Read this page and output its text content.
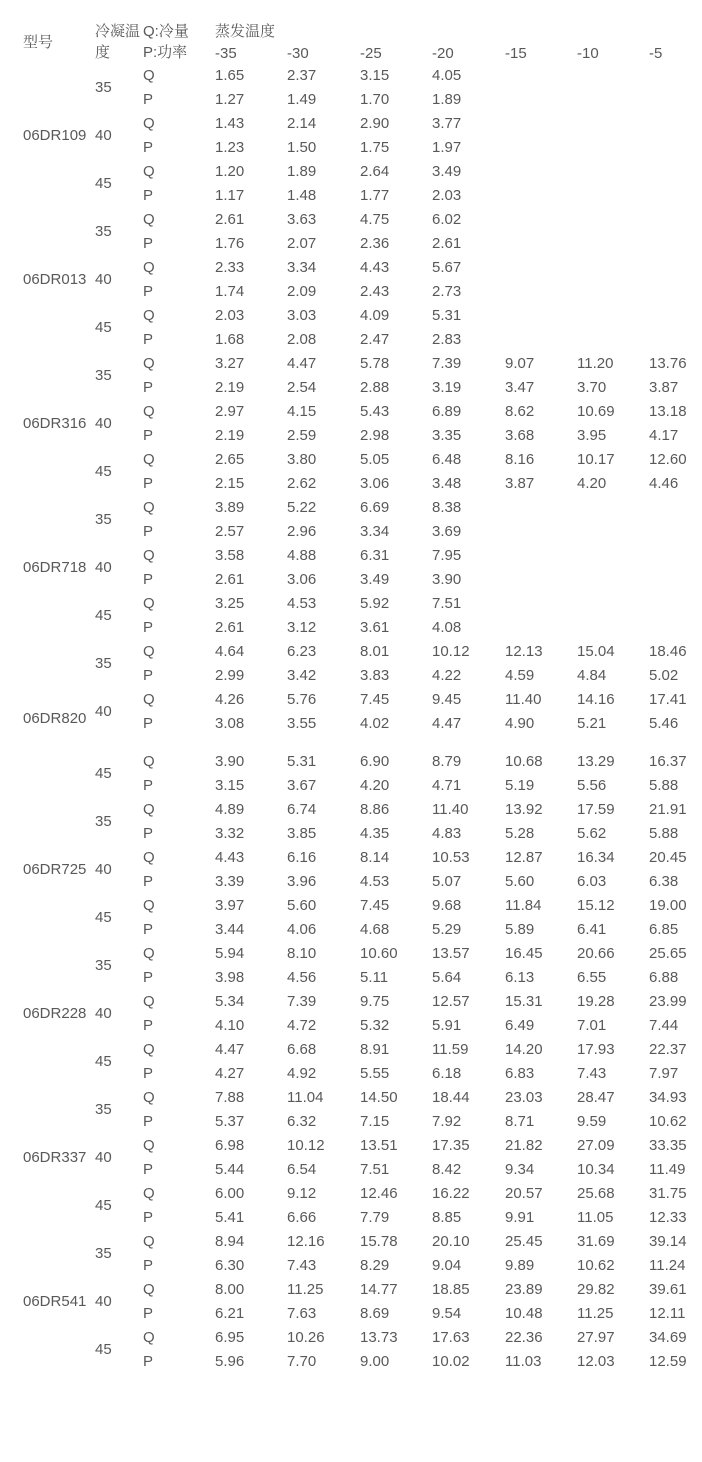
型号	冷凝温度	Q:冷量
P:功率	蒸发温度						
			-35	-30	-25	-20	-15	-10	-5
06DR109	35	Q	1.65	2.37	3.15	4.05			
		P	1.27	1.49	1.70	1.89			
	40	Q	1.43	2.14	2.90	3.77			
		P	1.23	1.50	1.75	1.97			
	45	Q	1.20	1.89	2.64	3.49			
		P	1.17	1.48	1.77	2.03			
06DR013	35	Q	2.61	3.63	4.75	6.02			
		P	1.76	2.07	2.36	2.61			
	40	Q	2.33	3.34	4.43	5.67			
		P	1.74	2.09	2.43	2.73			
	45	Q	2.03	3.03	4.09	5.31			
		P	1.68	2.08	2.47	2.83			
06DR316	35	Q	3.27	4.47	5.78	7.39	9.07	11.20	13.76
		P	2.19	2.54	2.88	3.19	3.47	3.70	3.87
	40	Q	2.97	4.15	5.43	6.89	8.62	10.69	13.18
		P	2.19	2.59	2.98	3.35	3.68	3.95	4.17
	45	Q	2.65	3.80	5.05	6.48	8.16	10.17	12.60
		P	2.15	2.62	3.06	3.48	3.87	4.20	4.46
06DR718	35	Q	3.89	5.22	6.69	8.38			
		P	2.57	2.96	3.34	3.69			
	40	Q	3.58	4.88	6.31	7.95			
		P	2.61	3.06	3.49	3.90			
	45	Q	3.25	4.53	5.92	7.51			
		P	2.61	3.12	3.61	4.08			
06DR820	35	Q	4.64	6.23	8.01	10.12	12.13	15.04	18.46
		P	2.99	3.42	3.83	4.22	4.59	4.84	5.02
	40	Q	4.26	5.76	7.45	9.45	11.40	14.16	17.41
		P	3.08	3.55	4.02	4.47	4.90	5.21	5.46

	45	Q	3.90	5.31	6.90	8.79	10.68	13.29	16.37
		P	3.15	3.67	4.20	4.71	5.19	5.56	5.88
06DR725	35	Q	4.89	6.74	8.86	11.40	13.92	17.59	21.91
		P	3.32	3.85	4.35	4.83	5.28	5.62	5.88
	40	Q	4.43	6.16	8.14	10.53	12.87	16.34	20.45
		P	3.39	3.96	4.53	5.07	5.60	6.03	6.38
	45	Q	3.97	5.60	7.45	9.68	11.84	15.12	19.00
		P	3.44	4.06	4.68	5.29	5.89	6.41	6.85
06DR228	35	Q	5.94	8.10	10.60	13.57	16.45	20.66	25.65
		P	3.98	4.56	5.11	5.64	6.13	6.55	6.88
	40	Q	5.34	7.39	9.75	12.57	15.31	19.28	23.99
		P	4.10	4.72	5.32	5.91	6.49	7.01	7.44
	45	Q	4.47	6.68	8.91	11.59	14.20	17.93	22.37
		P	4.27	4.92	5.55	6.18	6.83	7.43	7.97
06DR337	35	Q	7.88	11.04	14.50	18.44	23.03	28.47	34.93
		P	5.37	6.32	7.15	7.92	8.71	9.59	10.62
	40	Q	6.98	10.12	13.51	17.35	21.82	27.09	33.35
		P	5.44	6.54	7.51	8.42	9.34	10.34	11.49
	45	Q	6.00	9.12	12.46	16.22	20.57	25.68	31.75
		P	5.41	6.66	7.79	8.85	9.91	11.05	12.33
06DR541	35	Q	8.94	12.16	15.78	20.10	25.45	31.69	39.14
		P	6.30	7.43	8.29	9.04	9.89	10.62	11.24
	40	Q	8.00	11.25	14.77	18.85	23.89	29.82	39.61
		P	6.21	7.63	8.69	9.54	10.48	11.25	12.11
	45	Q	6.95	10.26	13.73	17.63	22.36	27.97	34.69
		P	5.96	7.70	9.00	10.02	11.03	12.03	12.59
